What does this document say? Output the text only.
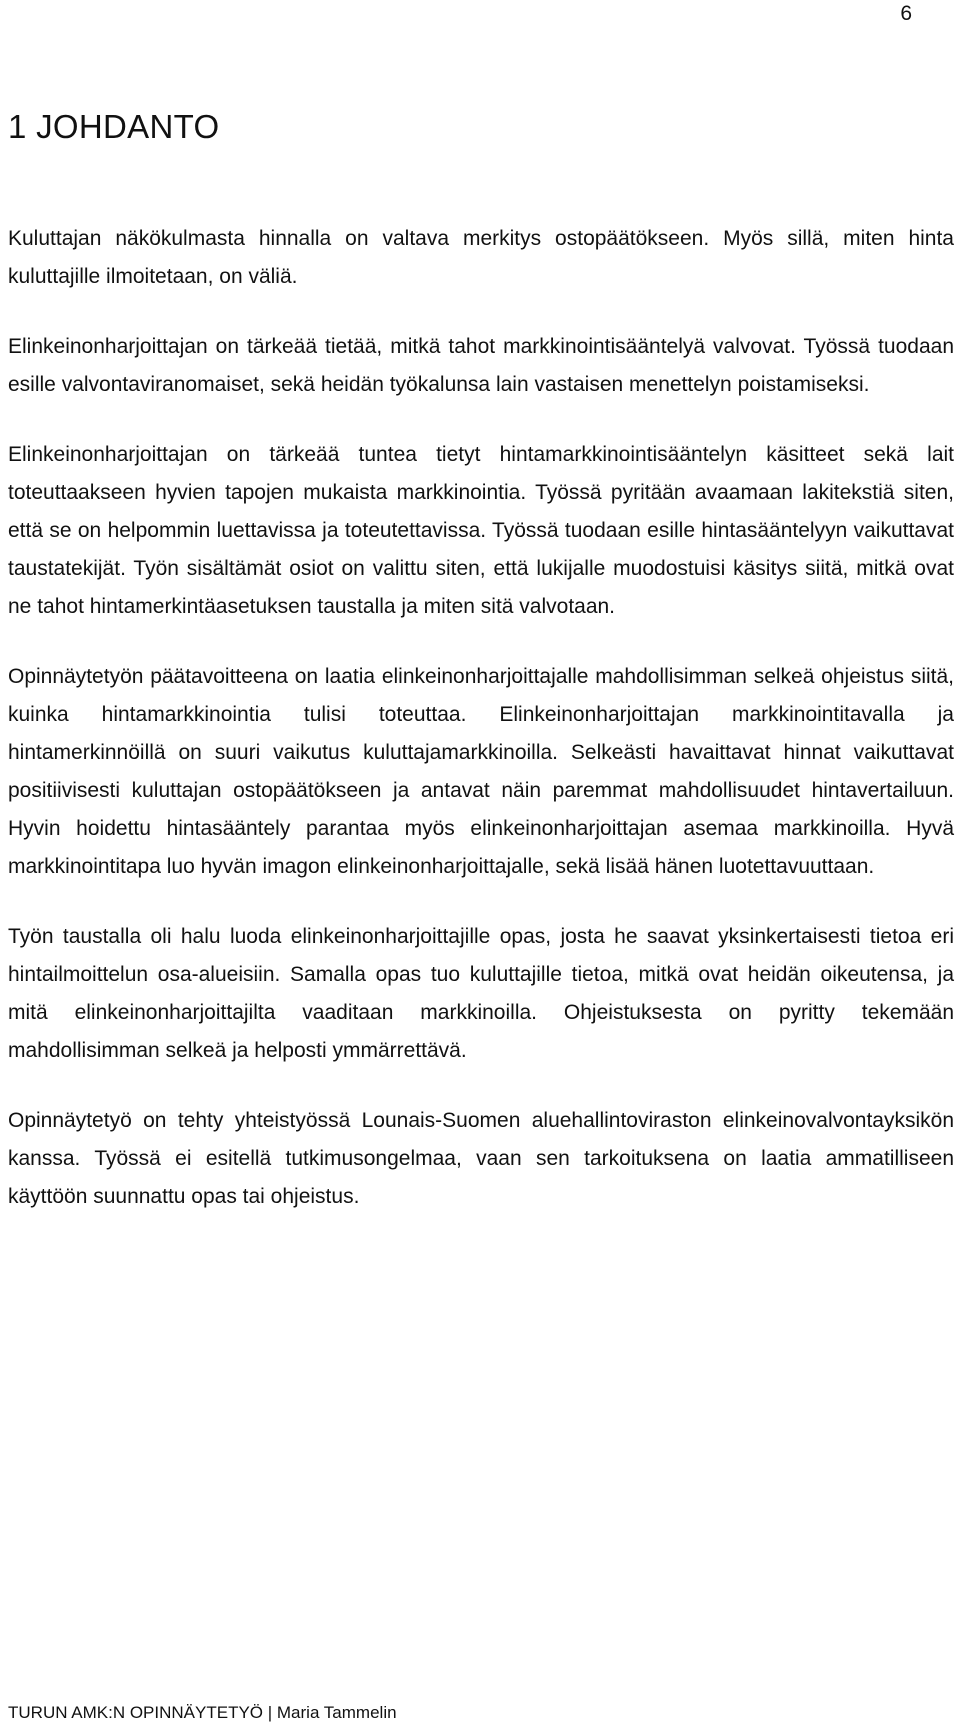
6
1 JOHDANTO

Kuluttajan näkökulmasta hinnalla on valtava merkitys ostopäätökseen. Myös sillä, miten hinta kuluttajille ilmoitetaan, on väliä.

Elinkeinonharjoittajan on tärkeää tietää, mitkä tahot markkinointisääntelyä valvovat. Työssä tuodaan esille valvontaviranomaiset, sekä heidän työkalunsa lain vastaisen menettelyn poistamiseksi.

Elinkeinonharjoittajan on tärkeää tuntea tietyt hintamarkkinointisääntelyn käsitteet sekä lait toteuttaakseen hyvien tapojen mukaista markkinointia. Työssä pyritään avaamaan lakitekstiä siten, että se on helpommin luettavissa ja toteutettavissa. Työssä tuodaan esille hintasääntelyyn vaikuttavat taustatekijät. Työn sisältämät osiot on valittu siten, että lukijalle muodostuisi käsitys siitä, mitkä ovat ne tahot hintamerkintäasetuksen taustalla ja miten sitä valvotaan.

Opinnäytetyön päätavoitteena on laatia elinkeinonharjoittajalle mahdollisimman selkeä ohjeistus siitä, kuinka hintamarkkinointia tulisi toteuttaa. Elinkeinonharjoittajan markkinointitavalla ja hintamerkinnöillä on suuri vaikutus kuluttajamarkkinoilla. Selkeästi havaittavat hinnat vaikuttavat positiivisesti kuluttajan ostopäätökseen ja antavat näin paremmat mahdollisuudet hintavertailuun. Hyvin hoidettu hintasääntely parantaa myös elinkeinonharjoittajan asemaa markkinoilla. Hyvä markkinointitapa luo hyvän imagon elinkeinonharjoittajalle, sekä lisää hänen luotettavuuttaan.

Työn taustalla oli halu luoda elinkeinonharjoittajille opas, josta he saavat yksinkertaisesti tietoa eri hintailmoittelun osa-alueisiin. Samalla opas tuo kuluttajille tietoa, mitkä ovat heidän oikeutensa, ja mitä elinkeinonharjoittajilta vaaditaan markkinoilla. Ohjeistuksesta on pyritty tekemään mahdollisimman selkeä ja helposti ymmärrettävä.

Opinnäytetyö on tehty yhteistyössä Lounais-Suomen aluehallintoviraston elinkeinovalvontayksikön kanssa. Työssä ei esitellä tutkimusongelmaa, vaan sen tarkoituksena on laatia ammatilliseen käyttöön suunnattu opas tai ohjeistus.

TURUN AMK:N OPINNÄYTETYÖ | Maria Tammelin
